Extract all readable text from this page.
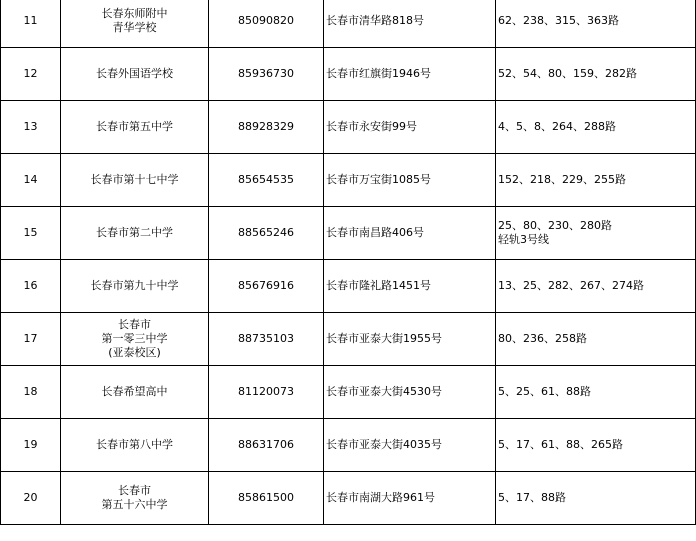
11	长春东师附中
青华学校	85090820	长春市清华路818号	62、238、315、363路

12	长春外国语学校	85936730	长春市红旗街1946号	52、54、80、159、282路

13	长春市第五中学	88928329	长春市永安街99号	4、5、8、264、288路

14	长春市第十七中学	85654535	长春市万宝街1085号	152、218、229、255路

15	长春市第二中学	88565246	长春市南昌路406号	25、80、230、280路
轻轨3号线

16	长春市第九十中学	85676916	长春市隆礼路1451号	13、25、282、267、274路

17	长春市
第一零三中学
(亚泰校区)	88735103	长春市亚泰大街1955号	80、236、258路

18	长春希望高中	81120073	长春市亚泰大街4530号	5、25、61、88路

19	长春市第八中学	88631706	长春市亚泰大街4035号	5、17、61、88、265路

20	长春市
第五十六中学	85861500	长春市南湖大路961号	5、17、88路
